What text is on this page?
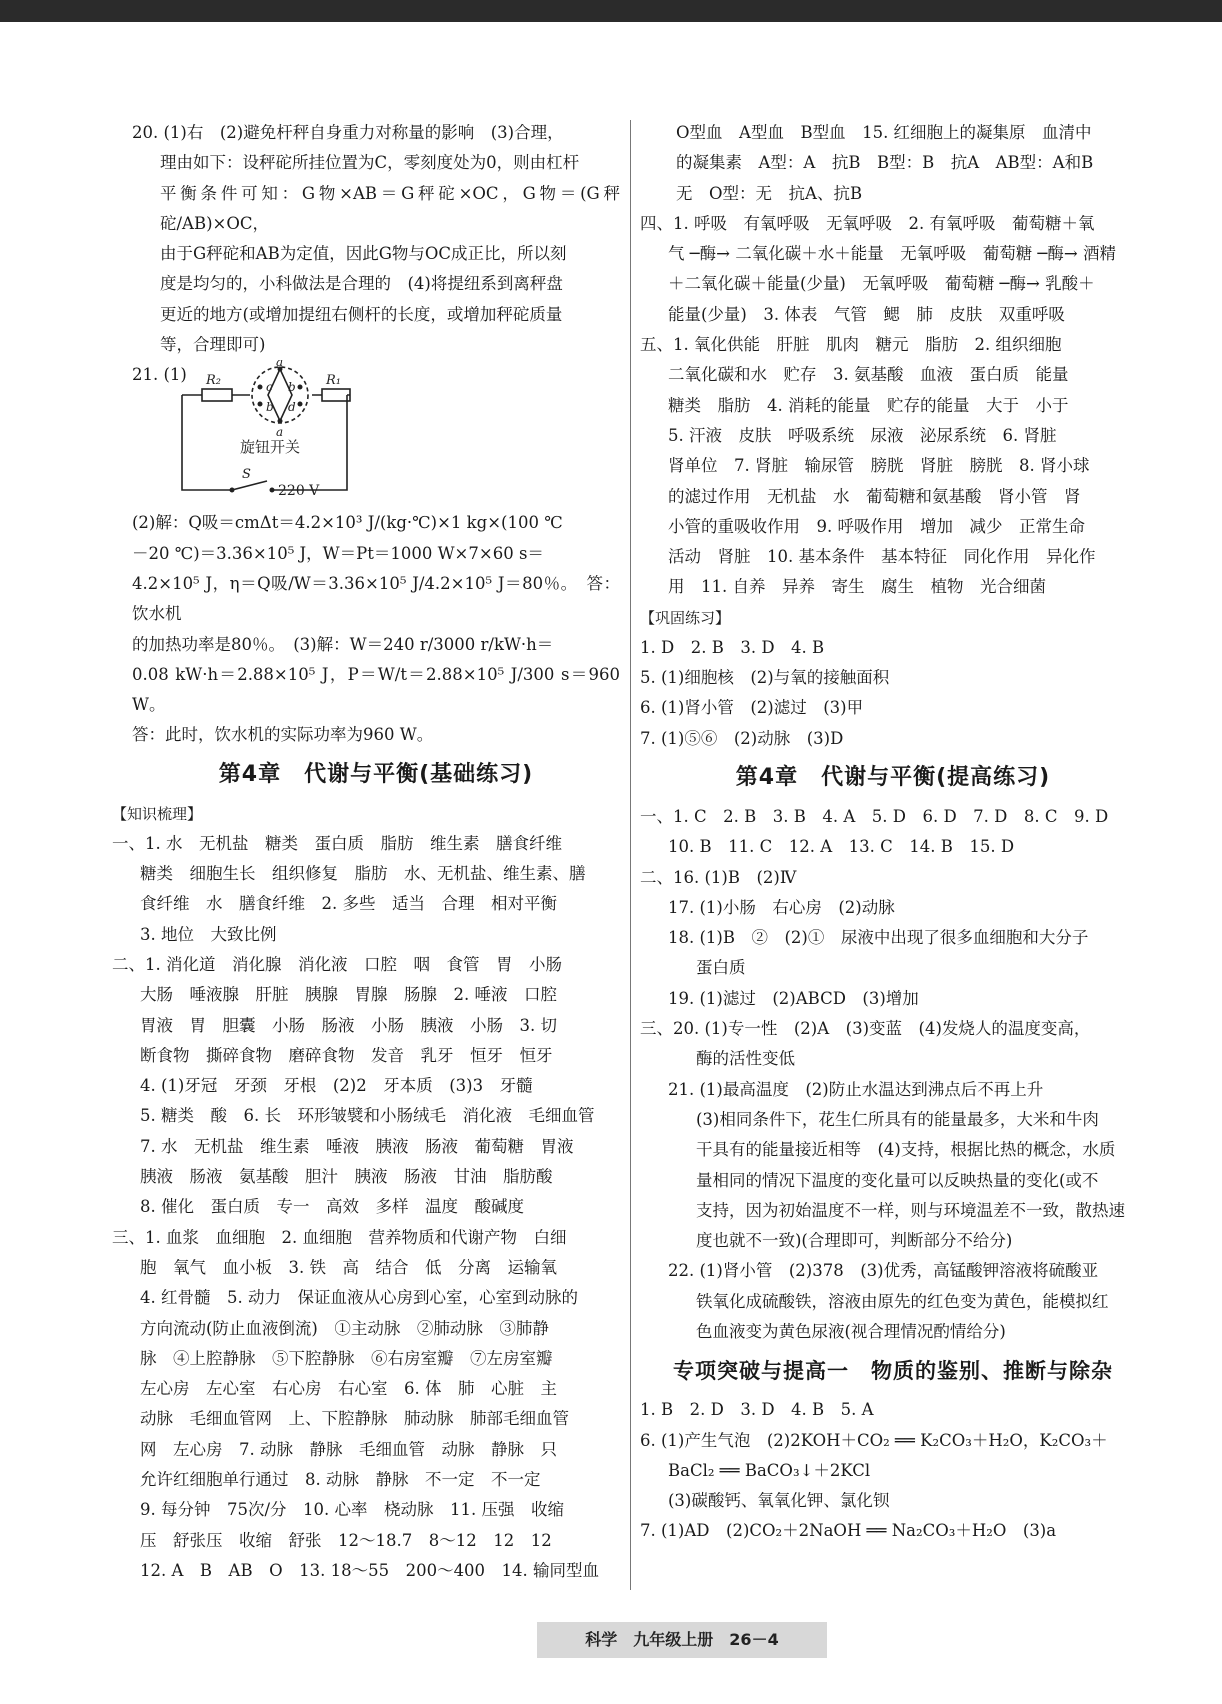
20. (1)右　(2)避免杆秤自身重力对称量的影响　(3)合理，
理由如下：设秤砣所挂位置为C，零刻度处为0，则由杠杆
平衡条件可知：G物×AB＝G秤砣×OC，G物＝(G秤砣/AB)×OC，
由于G秤砣和AB为定值，因此G物与OC成正比，所以刻
度是均匀的，小科做法是合理的　(4)将提纽系到离秤盘
更近的地方(或增加提纽右侧杆的长度，或增加秤砣质量
等，合理即可)
21. (1)
a
a
c b
b d
R₂	R₁
S
旋钮开关
220 V
(2)解：Q吸＝cmΔt＝4.2×10³ J/(kg·℃)×1 kg×(100 ℃
－20 ℃)＝3.36×10⁵ J，W＝Pt＝1000 W×7×60 s＝
4.2×10⁵ J，η＝Q吸/W＝3.36×10⁵ J/4.2×10⁵ J＝80％。　答：饮水机
的加热功率是80％。　(3)解：W＝240 r/3000 r/kW·h＝
0.08 kW·h＝2.88×10⁵ J，P＝W/t＝2.88×10⁵ J/300 s＝960 W。
答：此时，饮水机的实际功率为960 W。
第4章　代谢与平衡(基础练习)
【知识梳理】
一、1. 水　无机盐　糖类　蛋白质　脂肪　维生素　膳食纤维
糖类　细胞生长　组织修复　脂肪　水、无机盐、维生素、膳
食纤维　水　膳食纤维　2. 多些　适当　合理　相对平衡
3. 地位　大致比例
二、1. 消化道　消化腺　消化液　口腔　咽　食管　胃　小肠
大肠　唾液腺　肝脏　胰腺　胃腺　肠腺　2. 唾液　口腔
胃液　胃　胆囊　小肠　肠液　小肠　胰液　小肠　3. 切
断食物　撕碎食物　磨碎食物　发音　乳牙　恒牙　恒牙
4. (1)牙冠　牙颈　牙根　(2)2　牙本质　(3)3　牙髓
5. 糖类　酸　6. 长　环形皱襞和小肠绒毛　消化液　毛细血管
7. 水　无机盐　维生素　唾液　胰液　肠液　葡萄糖　胃液
胰液　肠液　氨基酸　胆汁　胰液　肠液　甘油　脂肪酸
8. 催化　蛋白质　专一　高效　多样　温度　酸碱度
三、1. 血浆　血细胞　2. 血细胞　营养物质和代谢产物　白细
胞　氧气　血小板　3. 铁　高　结合　低　分离　运输氧
4. 红骨髓　5. 动力　保证血液从心房到心室，心室到动脉的
方向流动(防止血液倒流)　①主动脉　②肺动脉　③肺静
脉　④上腔静脉　⑤下腔静脉　⑥右房室瓣　⑦左房室瓣
左心房　左心室　右心房　右心室　6. 体　肺　心脏　主
动脉　毛细血管网　上、下腔静脉　肺动脉　肺部毛细血管
网　左心房　7. 动脉　静脉　毛细血管　动脉　静脉　只
允许红细胞单行通过　8. 动脉　静脉　不一定　不一定
9. 每分钟　75次/分　10. 心率　桡动脉　11. 压强　收缩
压　舒张压　收缩　舒张　12～18.7　8～12　12　12
12. A　B　AB　O　13. 18～55　200～400　14. 输同型血
O型血　A型血　B型血　15. 红细胞上的凝集原　血清中
的凝集素　A型：A　抗B　B型：B　抗A　AB型：A和B
无　O型：无　抗A、抗B
四、1. 呼吸　有氧呼吸　无氧呼吸　2. 有氧呼吸　葡萄糖＋氧
气 ─酶→ 二氧化碳＋水＋能量　无氧呼吸　葡萄糖 ─酶→ 酒精
＋二氧化碳＋能量(少量)　无氧呼吸　葡萄糖 ─酶→ 乳酸＋
能量(少量)　3. 体表　气管　鳃　肺　皮肤　双重呼吸
五、1. 氧化供能　肝脏　肌肉　糖元　脂肪　2. 组织细胞
二氧化碳和水　贮存　3. 氨基酸　血液　蛋白质　能量
糖类　脂肪　4. 消耗的能量　贮存的能量　大于　小于
5. 汗液　皮肤　呼吸系统　尿液　泌尿系统　6. 肾脏
肾单位　7. 肾脏　输尿管　膀胱　肾脏　膀胱　8. 肾小球
的滤过作用　无机盐　水　葡萄糖和氨基酸　肾小管　肾
小管的重吸收作用　9. 呼吸作用　增加　减少　正常生命
活动　肾脏　10. 基本条件　基本特征　同化作用　异化作
用　11. 自养　异养　寄生　腐生　植物　光合细菌
【巩固练习】
1. D　2. B　3. D　4. B
5. (1)细胞核　(2)与氧的接触面积
6. (1)肾小管　(2)滤过　(3)甲
7. (1)⑤⑥　(2)动脉　(3)D
第4章　代谢与平衡(提高练习)
一、1. C　2. B　3. B　4. A　5. D　6. D　7. D　8. C　9. D
10. B　11. C　12. A　13. C　14. B　15. D
二、16. (1)B　(2)Ⅳ
17. (1)小肠　右心房　(2)动脉
18. (1)B　②　(2)①　尿液中出现了很多血细胞和大分子
蛋白质
19. (1)滤过　(2)ABCD　(3)增加
三、20. (1)专一性　(2)A　(3)变蓝　(4)发烧人的温度变高，
酶的活性变低
21. (1)最高温度　(2)防止水温达到沸点后不再上升
(3)相同条件下，花生仁所具有的能量最多，大米和牛肉
干具有的能量接近相等　(4)支持，根据比热的概念，水质
量相同的情况下温度的变化量可以反映热量的变化(或不
支持，因为初始温度不一样，则与环境温差不一致，散热速
度也就不一致)(合理即可，判断部分不给分)
22. (1)肾小管　(2)378　(3)优秀，高锰酸钾溶液将硫酸亚
铁氧化成硫酸铁，溶液由原先的红色变为黄色，能模拟红
色血液变为黄色尿液(视合理情况酌情给分)
专项突破与提高一　物质的鉴别、推断与除杂
1. B　2. D　3. D　4. B　5. A
6. (1)产生气泡　(2)2KOH＋CO₂ ══ K₂CO₃＋H₂O，K₂CO₃＋
BaCl₂ ══ BaCO₃↓＋2KCl
(3)碳酸钙、氧氧化钾、氯化钡
7. (1)AD　(2)CO₂＋2NaOH ══ Na₂CO₃＋H₂O　(3)a
科学　九年级上册　26－4
